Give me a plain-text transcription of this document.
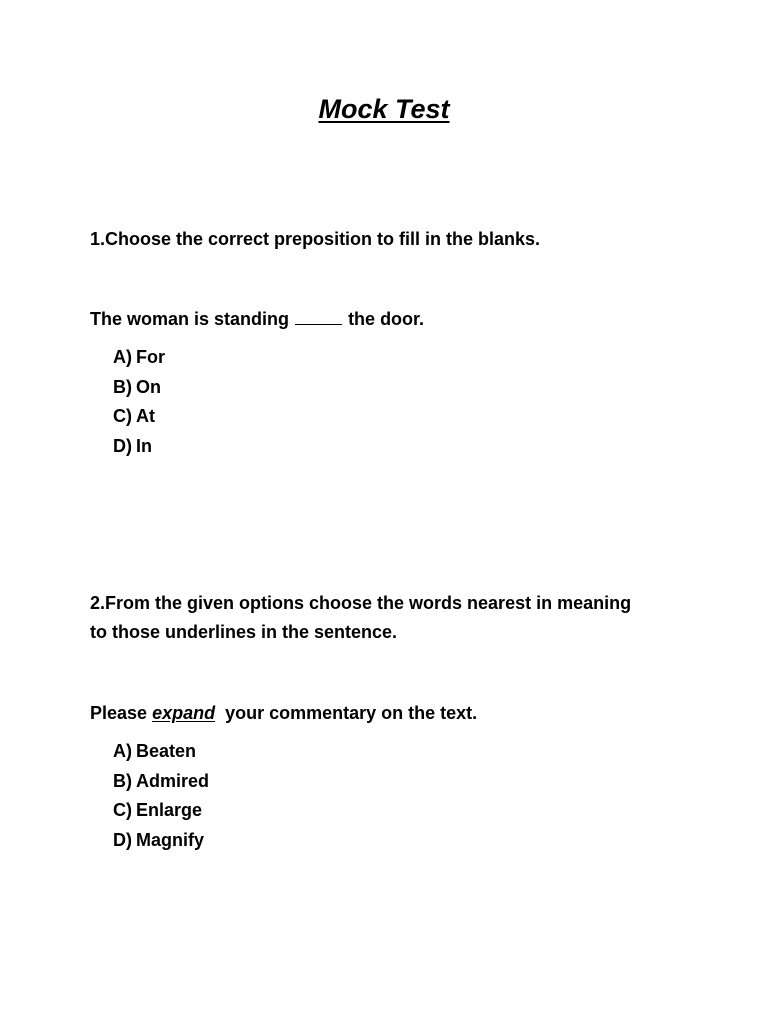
Mock Test

1.Choose the correct preposition to fill in the blanks.

The woman is standing	the door.

A) For
B) On
C) At
D) In

2.From the given options choose the words nearest in meaning
to those underlines in the sentence.

Please expand your commentary on the text.

A) Beaten
B) Admired
C) Enlarge
D) Magnify
